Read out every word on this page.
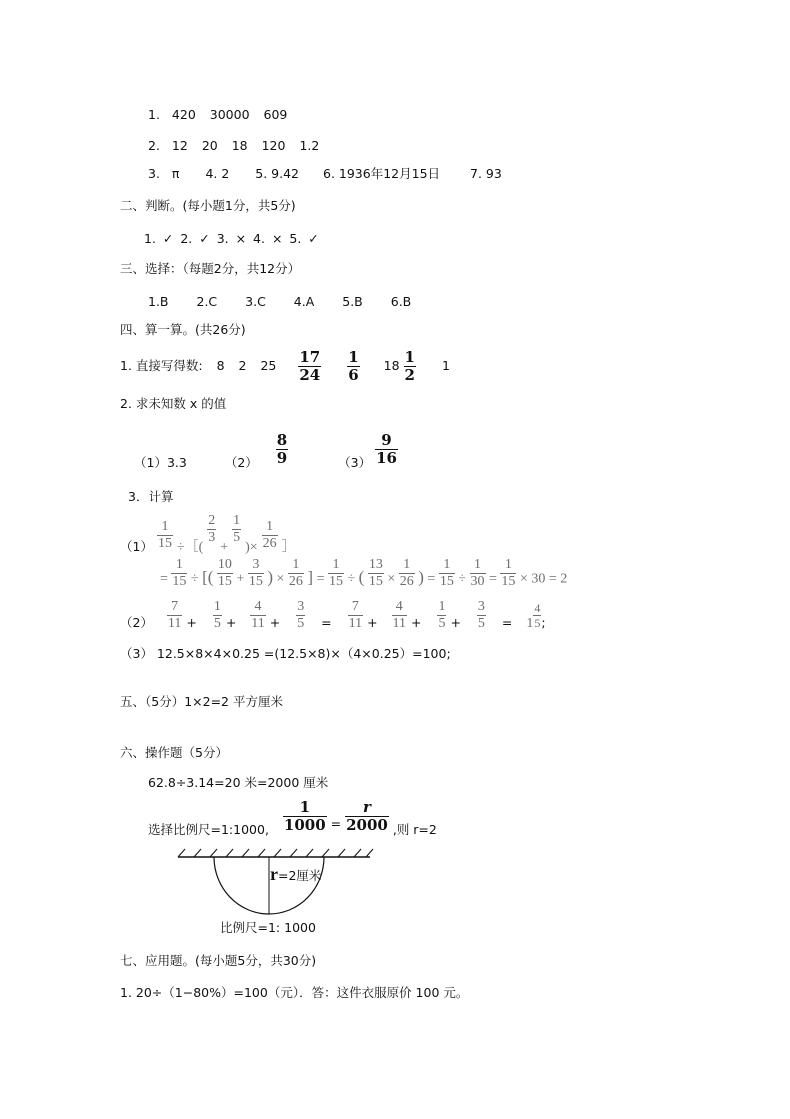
1. 420 30000 609
2. 12 20 18 120 1.2
3. π 4. 2 5. 9.42 6. 1936年12月15日 7. 93
二、判断。(每小题1分，共5分)
1. ✓ 2. ✓ 3. × 4. × 5. ✓
三、选择：（每题2分，共12分）
1.B 2.C 3.C 4.A 5.B 6.B
四、算一算。(共26分)
1. 直接写得数: 8 2 $25 \frac{17}{24}$
$\frac{1}{6} 18 \frac{1}{2} 1$
2. 求未知数 x 的值
（1）3.3	$(2) \frac{8}{9}$	$(3) \frac{9}{16}$
3．计算
$(1) \frac{1}{15}$ ÷［(
$\frac{2}{3}$
+
$\frac{1}{5}$
)× $\frac{1}{26}$ ］
= $\frac{1}{15}$ ÷ [( $\frac{10}{15} + \frac{3}{15}$ ) × $\frac{1}{26}$ ] = $\frac{1}{15}$ ÷ ( $\frac{13}{15} \times \frac{1}{26}$ ) = $\frac{1}{15} \div \frac{1}{30} = \frac{1}{15} \times 30 = 2$
$(2) \frac{7}{11} + \frac{1}{5} + \frac{4}{11} + \frac{3}{5} = \frac{7}{11} + \frac{4}{11} + \frac{1}{5} + \frac{3}{5} = 1 \frac{4}{5}$ ;
（3） 12.5×8×4×0.25 =(12.5×8)×（4×0.25）=100;
五、（5分）1×2=2 平方厘米
六、操作题（5分）
62.8÷3.14=20 米=2000 厘米
选择比例尺=1:1000, $\frac{1}{1000} = \frac{r}{2000}$ ,则 r=2
r=2厘米
比例尺=1: 1000
七、应用题。(每小题5分，共30分)
1. 20÷（1−80%）=100（元）．答：这件衣服原价 100 元。
